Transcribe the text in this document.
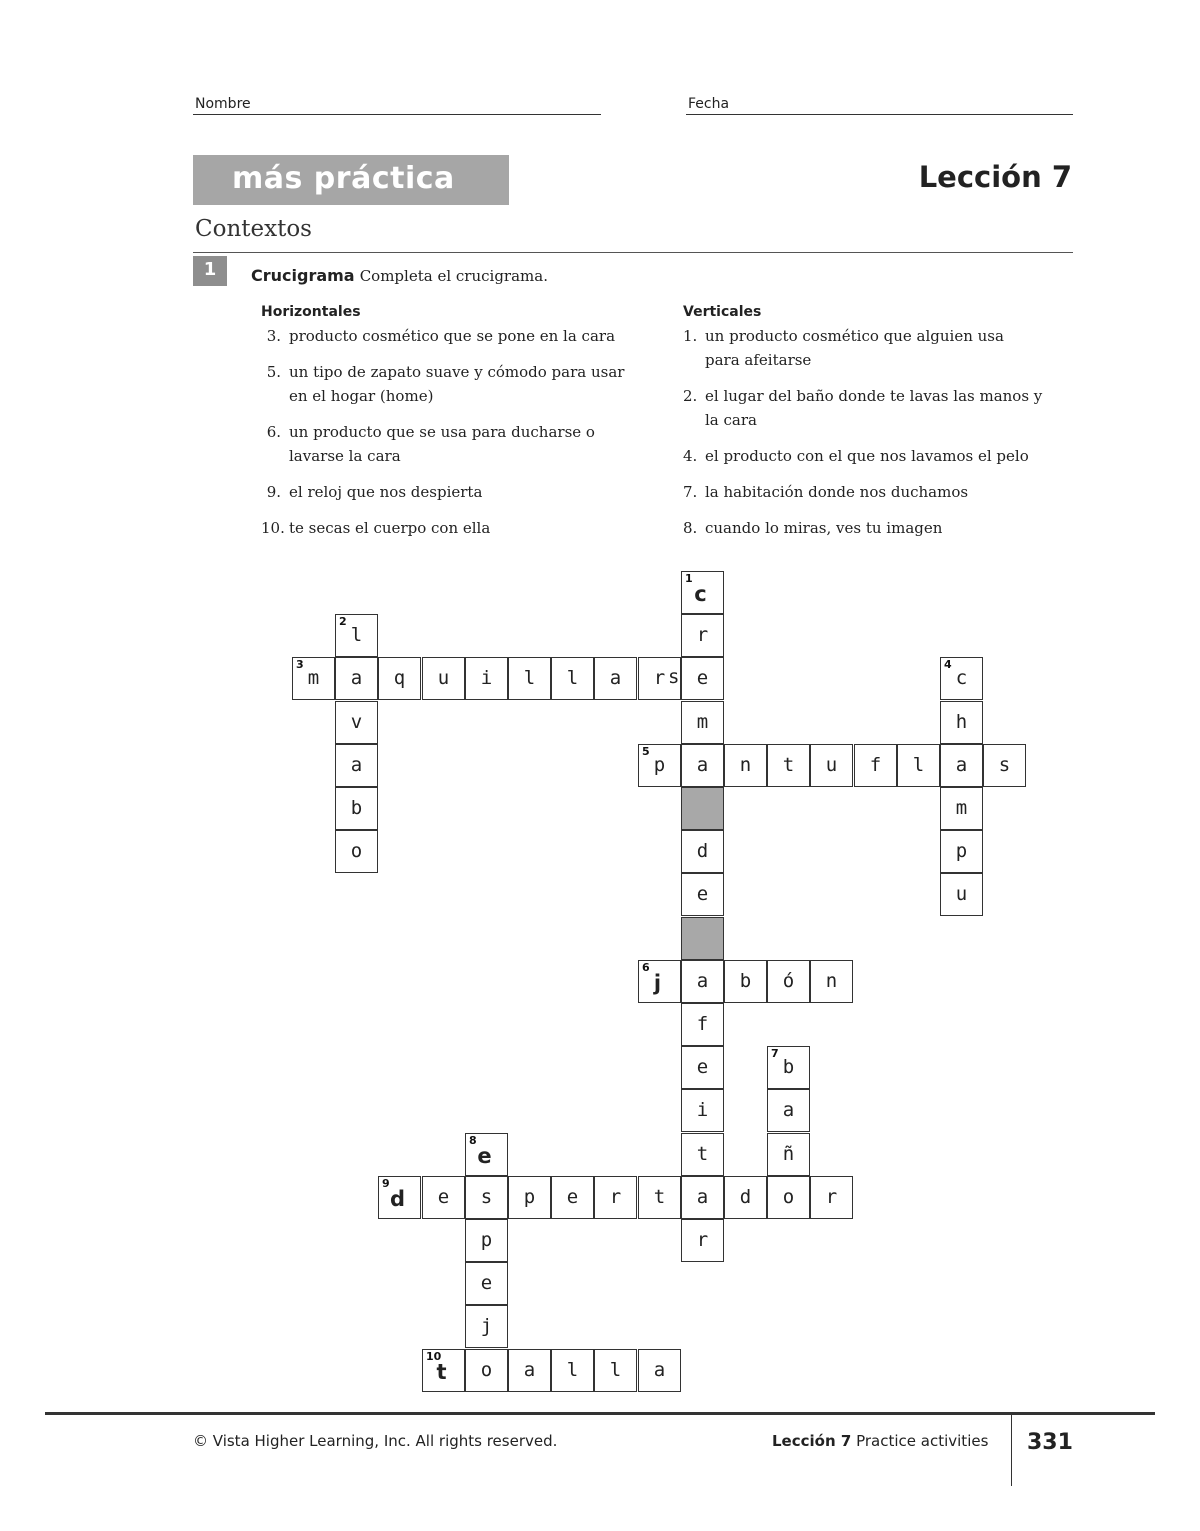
Nombre	Fecha
más práctica	Lección 7
Contextos
1	Crucigrama Completa el crucigrama.
Horizontales
3. producto cosmético que se pone en la cara
5. un tipo de zapato suave y cómodo para usar
en el hogar (home)
6. un producto que se usa para ducharse o
lavarse la cara
9. el reloj que nos despierta
10. te secas el cuerpo con ella
Verticales
1. un producto cosmético que alguien usa
para afeitarse
2. el lugar del baño donde te lavas las manos y
la cara
4. el producto con el que nos lavamos el pelo
7. la habitación donde nos duchamos
8. cuando lo miras, ves tu imagen
1
c
2
l	r
3
m	a	q	u	i	l	l	a	r	e
4
c
v	m	h
a
5
p	a	n	t	u	f	l	a	s
b	m
o	d	p
e	u
6
j	a	b	ó	n
f
e
7
b
i	a
8
e	t	ñ
9
d	e	s	p	e	r	t	a	d	o	r
p	r
e
j
10
t	o	a	l	l	a
s
© Vista Higher Learning, Inc. All rights reserved.	Lección 7 Practice activities 331
